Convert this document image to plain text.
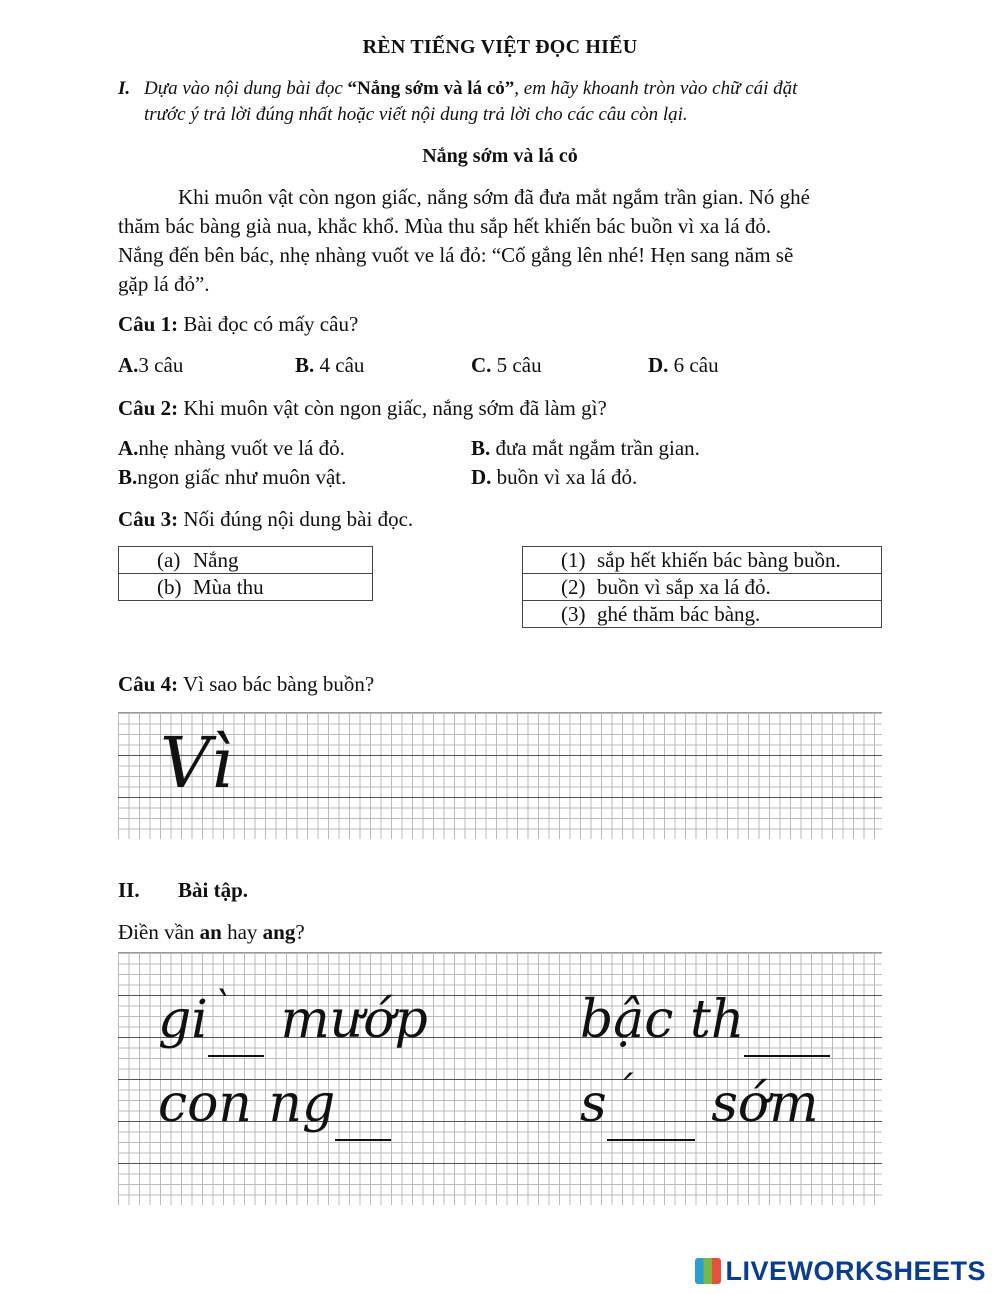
RÈN TIẾNG VIỆT ĐỌC HIỂU
I. Dựa vào nội dung bài đọc “Nắng sớm và lá cỏ”, em hãy khoanh tròn vào chữ cái đặt
trước ý trả lời đúng nhất hoặc viết nội dung trả lời cho các câu còn lại.
Nắng sớm và lá cỏ
Khi muôn vật còn ngon giấc, nắng sớm đã đưa mắt ngắm trần gian. Nó ghé
thăm bác bàng già nua, khắc khổ. Mùa thu sắp hết khiến bác buồn vì xa lá đỏ.
Nắng đến bên bác, nhẹ nhàng vuốt ve lá đỏ: “Cố gắng lên nhé! Hẹn sang năm sẽ
gặp lá đỏ”.
Câu 1: Bài đọc có mấy câu?
A.3 câu	B. 4 câu	C. 5 câu	D. 6 câu
Câu 2: Khi muôn vật còn ngon giấc, nắng sớm đã làm gì?
A.nhẹ nhàng vuốt ve lá đỏ.	B. đưa mắt ngắm trần gian.
B.ngon giấc như muôn vật.	D. buồn vì xa lá đỏ.
Câu 3: Nối đúng nội dung bài đọc.
(a) Nắng
(b) Mùa thu
(1) sắp hết khiến bác bàng buồn.
(2) buồn vì sắp xa lá đỏ.
(3) ghé thăm bác bàng.
Câu 4: Vì sao bác bàng buồn?
Vì
II. Bài tập.
Điền vần an hay ang?
gi ` mướp	bậc th
con ng	s ´ sớm
LIVEWORKSHEETS
